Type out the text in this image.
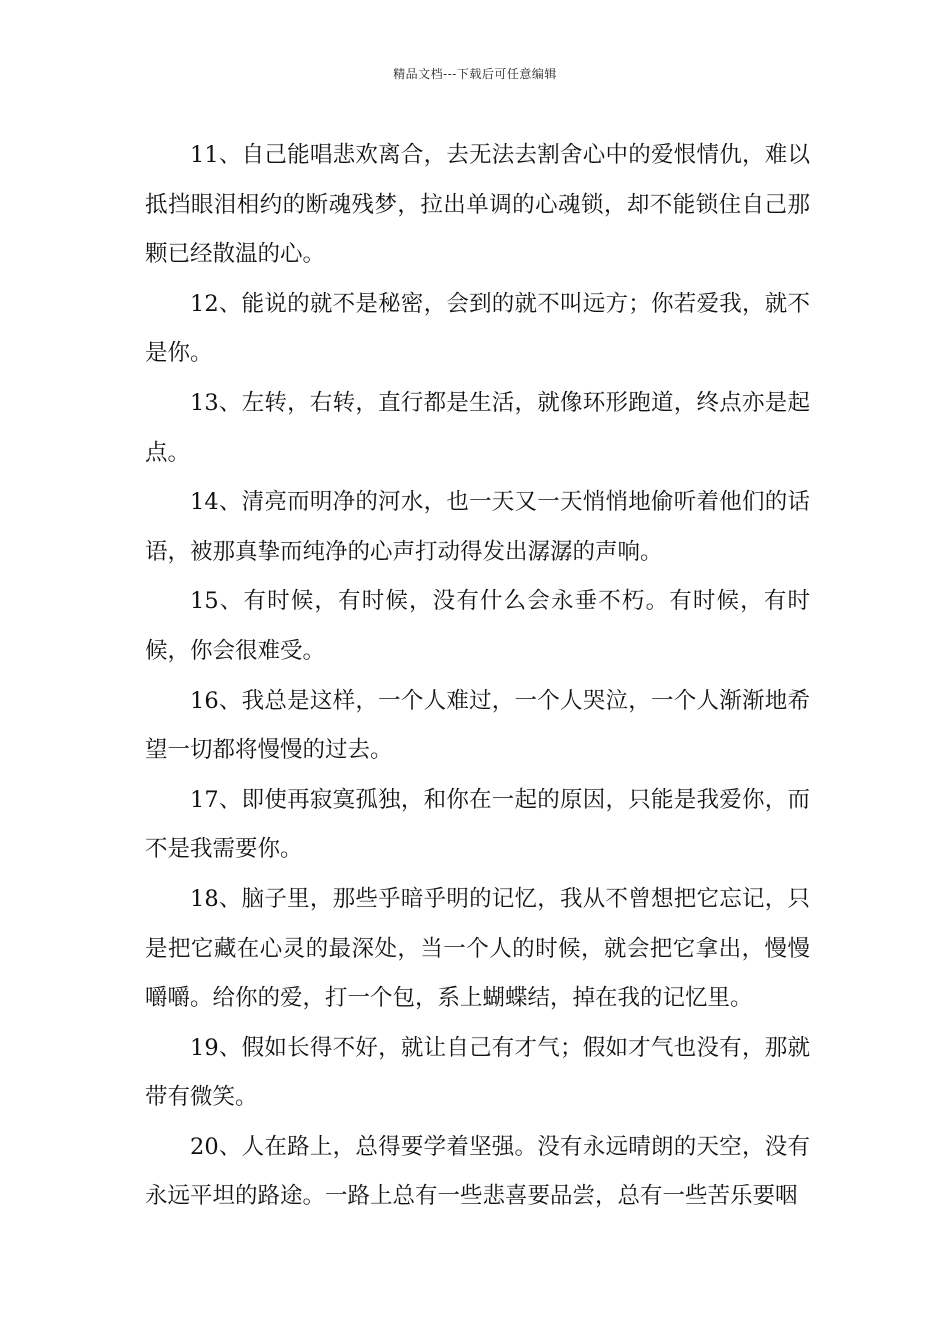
精品文档---下载后可任意编辑

11、自己能唱悲欢离合，去无法去割舍心中的爱恨情仇，难以抵挡眼泪相约的断魂残梦，拉出单调的心魂锁，却不能锁住自己那颗已经散温的心。

12、能说的就不是秘密，会到的就不叫远方；你若爱我，就不是你。

13、左转，右转，直行都是生活，就像环形跑道，终点亦是起点。

14、清亮而明净的河水，也一天又一天悄悄地偷听着他们的话语，被那真挚而纯净的心声打动得发出潺潺的声响。

15、有时候，有时候，没有什么会永垂不朽。有时候，有时候，你会很难受。

16、我总是这样，一个人难过，一个人哭泣，一个人渐渐地希望一切都将慢慢的过去。

17、即使再寂寞孤独，和你在一起的原因，只能是我爱你，而不是我需要你。

18、脑子里，那些乎暗乎明的记忆，我从不曾想把它忘记，只是把它藏在心灵的最深处，当一个人的时候，就会把它拿出，慢慢嚼嚼。给你的爱，打一个包，系上蝴蝶结，掉在我的记忆里。

19、假如长得不好，就让自己有才气；假如才气也没有，那就带有微笑。

20、人在路上，总得要学着坚强。没有永远晴朗的天空，没有永远平坦的路途。一路上总有一些悲喜要品尝，总有一些苦乐要咽
